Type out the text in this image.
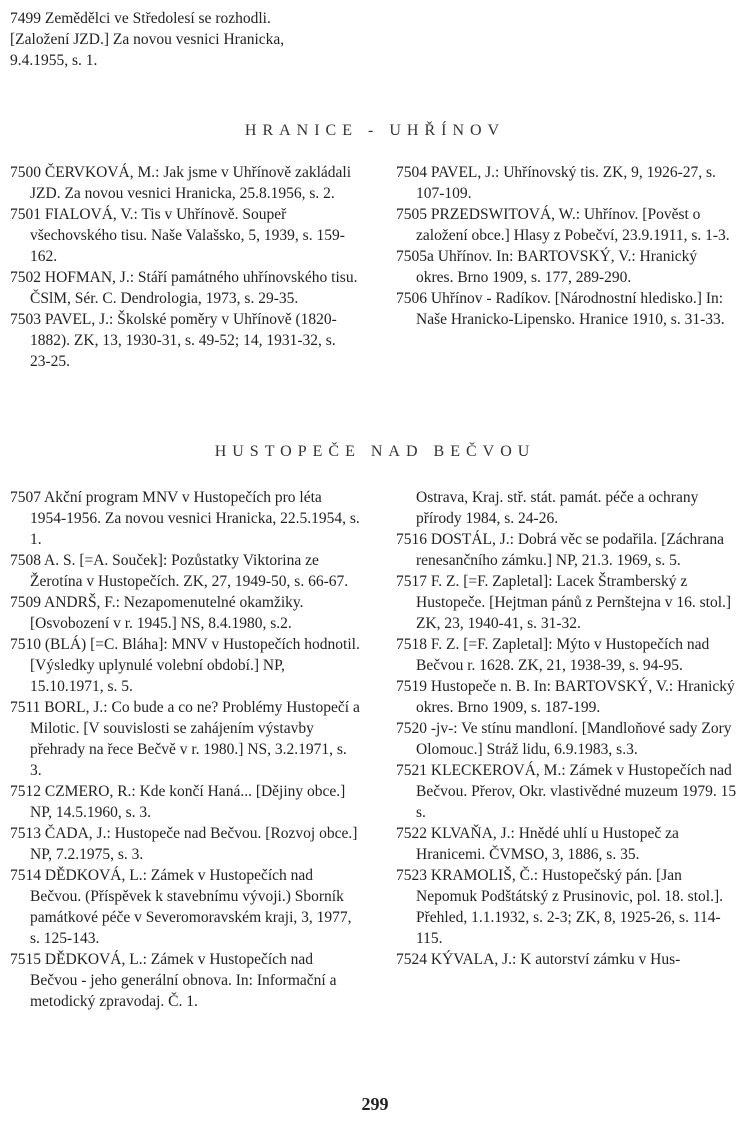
7499 Zemědělci ve Středolesí se rozhodli.

[Založení JZD.] Za novou vesnici Hranicka,

9.4.1955, s. 1.

HRANICE - UHŘÍNOV

7500 ČERVKOVÁ, M.: Jak jsme v Uhřínově zakládali JZD. Za novou vesnici Hranicka, 25.8.1956, s. 2.

7501 FIALOVÁ, V.: Tis v Uhřínově. Soupeř všechovského tisu. Naše Valašsko, 5, 1939, s. 159-162.

7502 HOFMAN, J.: Stáří památného uhřínovského tisu. ČSlM, Sér. C. Dendrologia, 1973, s. 29-35.

7503 PAVEL, J.: Školské poměry v Uhřínově (1820-1882). ZK, 13, 1930-31, s. 49-52; 14, 1931-32, s. 23-25.

7504 PAVEL, J.: Uhřínovský tis. ZK, 9, 1926-27, s. 107-109.

7505 PRZEDSWITOVÁ, W.: Uhřínov. [Pověst o založení obce.] Hlasy z Pobečví, 23.9.1911, s. 1-3.

7505a Uhřínov. In: BARTOVSKÝ, V.: Hranický okres. Brno 1909, s. 177, 289-290.

7506 Uhřínov - Radíkov. [Národnostní hledisko.] In: Naše Hranicko-Lipensko. Hranice 1910, s. 31-33.

HUSTOPEČE NAD BEČVOU

7507 Akční program MNV v Hustopečích pro léta 1954-1956. Za novou vesnici Hranicka, 22.5.1954, s. 1.

7508 A. S. [=A. Souček]: Pozůstatky Viktorina ze Žerotína v Hustopečích. ZK, 27, 1949-50, s. 66-67.

7509 ANDRŠ, F.: Nezapomenutelné okamžiky. [Osvobození v r. 1945.] NS, 8.4.1980, s.2.

7510 (BLÁ) [=C. Bláha]: MNV v Hustopečích hodnotil. [Výsledky uplynulé volební období.] NP, 15.10.1971, s. 5.

7511 BORL, J.: Co bude a co ne? Problémy Hustopečí a Milotic. [V souvislosti se zahájením výstavby přehrady na řece Bečvě v r. 1980.] NS, 3.2.1971, s. 3.

7512 CZMERO, R.: Kde končí Haná... [Dějiny obce.] NP, 14.5.1960, s. 3.

7513 ČADA, J.: Hustopeče nad Bečvou. [Rozvoj obce.] NP, 7.2.1975, s. 3.

7514 DĚDKOVÁ, L.: Zámek v Hustopečích nad Bečvou. (Příspěvek k stavebnímu vývoji.) Sborník památkové péče v Severomoravském kraji, 3, 1977, s. 125-143.

7515 DĚDKOVÁ, L.: Zámek v Hustopečích nad Bečvou - jeho generální obnova. In: Informační a metodický zpravodaj. Č. 1.

Ostrava, Kraj. stř. stát. památ. péče a ochrany přírody 1984, s. 24-26.

7516 DOSTÁL, J.: Dobrá věc se podařila. [Záchrana renesančního zámku.] NP, 21.3. 1969, s. 5.

7517 F. Z. [=F. Zapletal]: Lacek Štramberský z Hustopeče. [Hejtman pánů z Pernštejna v 16. stol.] ZK, 23, 1940-41, s. 31-32.

7518 F. Z. [=F. Zapletal]: Mýto v Hustopečích nad Bečvou r. 1628. ZK, 21, 1938-39, s. 94-95.

7519 Hustopeče n. B. In: BARTOVSKÝ, V.: Hranický okres. Brno 1909, s. 187-199.

7520 -jv-: Ve stínu mandloní. [Mandloňové sady Zory Olomouc.] Stráž lidu, 6.9.1983, s.3.

7521 KLECKEROVÁ, M.: Zámek v Hustopečích nad Bečvou. Přerov, Okr. vlastivědné muzeum 1979. 15 s.

7522 KLVAŇA, J.: Hnědé uhlí u Hustopeč za Hranicemi. ČVMSO, 3, 1886, s. 35.

7523 KRAMOLIŠ, Č.: Hustopečský pán. [Jan Nepomuk Podštátský z Prusinovic, pol. 18. stol.]. Přehled, 1.1.1932, s. 2-3; ZK, 8, 1925-26, s. 114-115.

7524 KÝVALA, J.: K autorství zámku v Hus-

299
